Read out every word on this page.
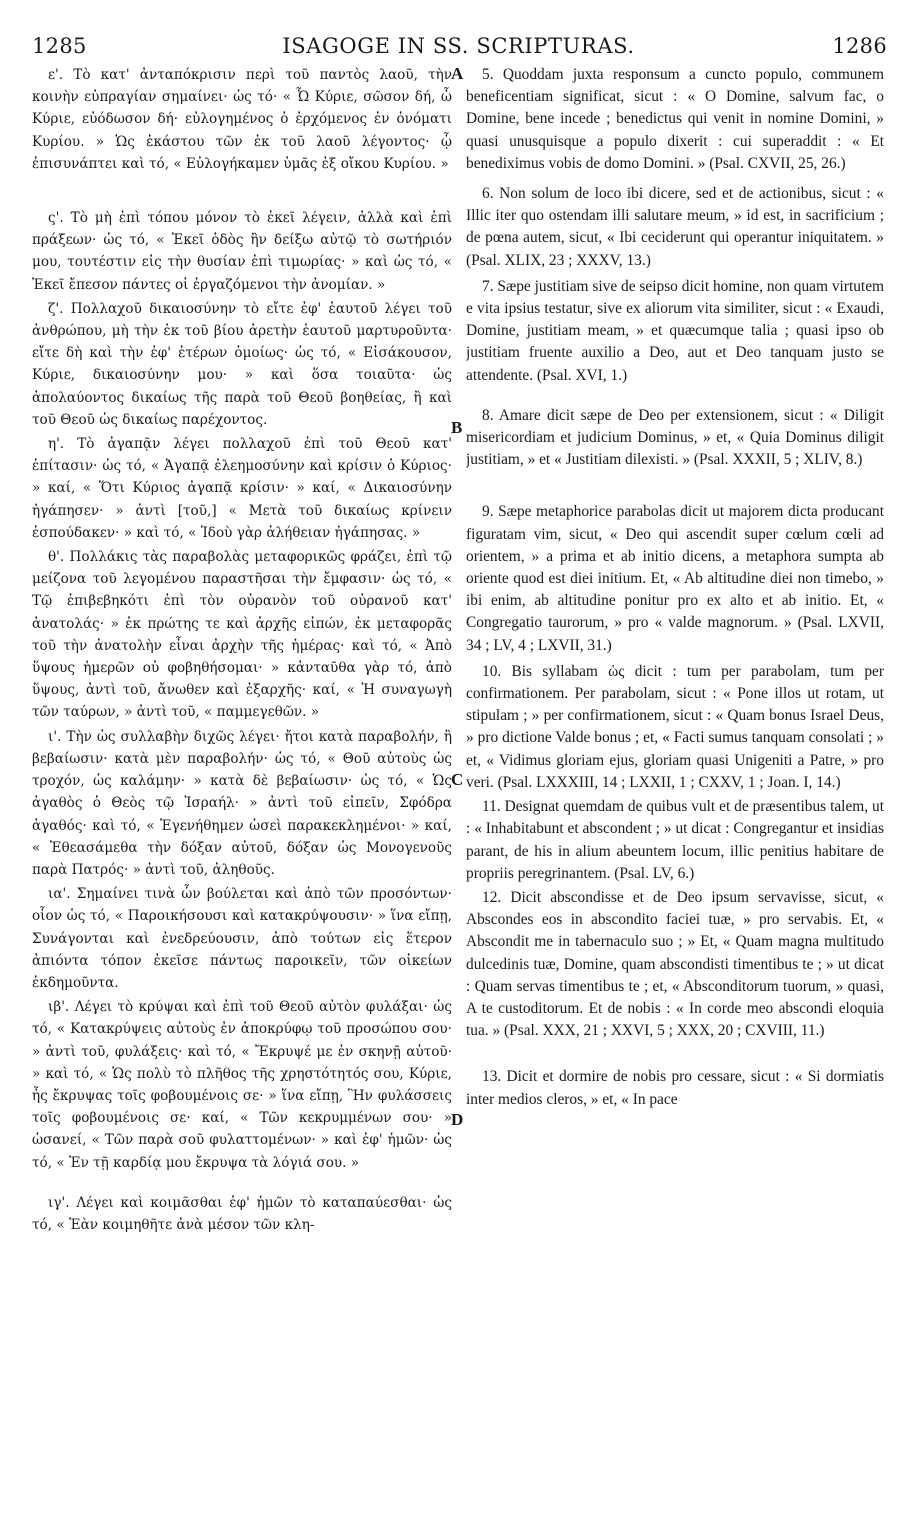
1285	ISAGOGE IN SS. SCRIPTURAS.	1286
A
B
C
D

ε'. Τὸ κατ' ἀνταπόκρισιν περὶ τοῦ παντὸς λαοῦ, τὴν κοινὴν εὐπραγίαν σημαίνει· ὡς τό· « Ὦ Κύριε, σῶσον δή, ὦ Κύριε, εὐόδωσον δή· εὐλογημένος ὁ ἐρχόμενος ἐν ὀνόματι Κυρίου. » Ὡς ἑκάστου τῶν ἐκ τοῦ λαοῦ λέγοντος· ᾧ ἐπισυνάπτει καὶ τό, « Εὐλογήκαμεν ὑμᾶς ἐξ οἴκου Κυρίου. »

ς'. Τὸ μὴ ἐπὶ τόπου μόνον τὸ ἐκεῖ λέγειν, ἀλλὰ καὶ ἐπὶ πράξεων· ὡς τό, « Ἐκεῖ ὁδὸς ἣν δείξω αὐτῷ τὸ σωτήριόν μου, τουτέστιν εἰς τὴν θυσίαν ἐπὶ τιμωρίας· » καὶ ὡς τό, « Ἐκεῖ ἔπεσον πάντες οἱ ἐργαζόμενοι τὴν ἀνομίαν. »

ζ'. Πολλαχοῦ δικαιοσύνην τὸ εἴτε ἐφ' ἑαυτοῦ λέγει τοῦ ἀνθρώπου, μὴ τὴν ἐκ τοῦ βίου ἀρετὴν ἑαυτοῦ μαρτυροῦντα· εἴτε δὴ καὶ τὴν ἐφ' ἑτέρων ὁμοίως· ὡς τό, « Εἰσάκουσον, Κύριε, δικαιοσύνην μου· » καὶ ὅσα τοιαῦτα· ὡς ἀπολαύοντος δικαίως τῆς παρὰ τοῦ Θεοῦ βοηθείας, ἢ καὶ τοῦ Θεοῦ ὡς δικαίως παρέχοντος.

η'. Τὸ ἀγαπᾷν λέγει πολλαχοῦ ἐπὶ τοῦ Θεοῦ κατ' ἐπίτασιν· ὡς τό, « Ἀγαπᾷ ἐλεημοσύνην καὶ κρίσιν ὁ Κύριος· » καί, « Ὅτι Κύριος ἀγαπᾷ κρίσιν· » καί, « Δικαιοσύνην ἠγάπησεν· » ἀντὶ [τοῦ,] « Μετὰ τοῦ δικαίως κρίνειν ἐσπούδακεν· » καὶ τό, « Ἰδοὺ γὰρ ἀλήθειαν ἠγάπησας. »

θ'. Πολλάκις τὰς παραβολὰς μεταφορικῶς φράζει, ἐπὶ τῷ μείζονα τοῦ λεγομένου παραστῆσαι τὴν ἔμφασιν· ὡς τό, « Τῷ ἐπιβεβηκότι ἐπὶ τὸν οὐρανὸν τοῦ οὐρανοῦ κατ' ἀνατολάς· » ἐκ πρώτης τε καὶ ἀρχῆς εἰπών, ἐκ μεταφορᾶς τοῦ τὴν ἀνατολὴν εἶναι ἀρχὴν τῆς ἡμέρας· καὶ τό, « Ἀπὸ ὕψους ἡμερῶν οὐ φοβηθήσομαι· » κἀνταῦθα γὰρ τό, ἀπὸ ὕψους, ἀντὶ τοῦ, ἄνωθεν καὶ ἐξαρχῆς· καί, « Ἡ συναγωγὴ τῶν ταύρων, » ἀντὶ τοῦ, « παμμεγεθῶν. »

ι'. Τὴν ὡς συλλαβὴν διχῶς λέγει· ἤτοι κατὰ παραβολήν, ἢ βεβαίωσιν· κατὰ μὲν παραβολήν· ὡς τό, « Θοῦ αὐτοὺς ὡς τροχόν, ὡς καλάμην· » κατὰ δὲ βεβαίωσιν· ὡς τό, « Ὡς ἀγαθὸς ὁ Θεὸς τῷ Ἰσραήλ· » ἀντὶ τοῦ εἰπεῖν, Σφόδρα ἀγαθός· καὶ τό, « Ἐγενήθημεν ὡσεὶ παρακεκλημένοι· » καί, « Ἐθεασάμεθα τὴν δόξαν αὐτοῦ, δόξαν ὡς Μονογενοῦς παρὰ Πατρός· » ἀντὶ τοῦ, ἀληθοῦς.

ια'. Σημαίνει τινὰ ὧν βούλεται καὶ ἀπὸ τῶν προσόντων· οἷον ὡς τό, « Παροικήσουσι καὶ κατακρύψουσιν· » ἵνα εἴπῃ, Συνάγονται καὶ ἐνεδρεύουσιν, ἀπὸ τούτων εἰς ἕτερον ἀπιόντα τόπον ἐκεῖσε πάντως παροικεῖν, τῶν οἰκείων ἐκδημοῦντα.

ιβ'. Λέγει τὸ κρύψαι καὶ ἐπὶ τοῦ Θεοῦ αὐτὸν φυλάξαι· ὡς τό, « Κατακρύψεις αὐτοὺς ἐν ἀποκρύφῳ τοῦ προσώπου σου· » ἀντὶ τοῦ, φυλάξεις· καὶ τό, « Ἔκρυψέ με ἐν σκηνῇ αὐτοῦ· » καὶ τό, « Ὡς πολὺ τὸ πλῆθος τῆς χρηστότητός σου, Κύριε, ἧς ἔκρυψας τοῖς φοβουμένοις σε· » ἵνα εἴπῃ, Ἣν φυλάσσεις τοῖς φοβουμένοις σε· καί, « Τῶν κεκρυμμένων σου· » ὡσανεί, « Τῶν παρὰ σοῦ φυλαττομένων· » καὶ ἐφ' ἡμῶν· ὡς τό, « Ἐν τῇ καρδίᾳ μου ἔκρυψα τὰ λόγιά σου. »

ιγ'. Λέγει καὶ κοιμᾶσθαι ἐφ' ἡμῶν τὸ καταπαύεσθαι· ὡς τό, « Ἐὰν κοιμηθῆτε ἀνὰ μέσον τῶν κλη-

5. Quoddam juxta responsum a cuncto populo, communem beneficentiam significat, sicut : « O Domine, salvum fac, o Domine, bene incede ; benedictus qui venit in nomine Domini, » quasi unusquisque a populo dixerit : cui superaddit : « Et benediximus vobis de domo Domini. » (Psal. CXVII, 25, 26.)

6. Non solum de loco ibi dicere, sed et de actionibus, sicut : « Illic iter quo ostendam illi salutare meum, » id est, in sacrificium ; de pœna autem, sicut, « Ibi ceciderunt qui operantur iniquitatem. » (Psal. XLIX, 23 ; XXXV, 13.)

7. Sæpe justitiam sive de seipso dicit homine, non quam virtutem e vita ipsius testatur, sive ex aliorum vita similiter, sicut : « Exaudi, Domine, justitiam meam, » et quæcumque talia ; quasi ipso ob justitiam fruente auxilio a Deo, aut et Deo tanquam justo se attendente. (Psal. XVI, 1.)

8. Amare dicit sæpe de Deo per extensionem, sicut : « Diligit misericordiam et judicium Dominus, » et, « Quia Dominus diligit justitiam, » et « Justitiam dilexisti. » (Psal. XXXII, 5 ; XLIV, 8.)

9. Sæpe metaphorice parabolas dicit ut majorem dicta producant figuratam vim, sicut, « Deo qui ascendit super cœlum cœli ad orientem, » a prima et ab initio dicens, a metaphora sumpta ab oriente quod est diei initium. Et, « Ab altitudine diei non timebo, » ibi enim, ab altitudine ponitur pro ex alto et ab initio. Et, « Congregatio taurorum, » pro « valde magnorum. » (Psal. LXVII, 34 ; LV, 4 ; LXVII, 31.)

10. Bis syllabam ὡς dicit : tum per parabolam, tum per confirmationem. Per parabolam, sicut : « Pone illos ut rotam, ut stipulam ; » per confirmationem, sicut : « Quam bonus Israel Deus, » pro dictione Valde bonus ; et, « Facti sumus tanquam consolati ; » et, « Vidimus gloriam ejus, gloriam quasi Unigeniti a Patre, » pro veri. (Psal. LXXXIII, 14 ; LXXII, 1 ; CXXV, 1 ; Joan. I, 14.)

11. Designat quemdam de quibus vult et de præsentibus talem, ut : « Inhabitabunt et abscondent ; » ut dicat : Congregantur et insidias parant, de his in alium abeuntem locum, illic penitius habitare de propriis peregrinantem. (Psal. LV, 6.)

12. Dicit abscondisse et de Deo ipsum servavisse, sicut, « Abscondes eos in abscondito faciei tuæ, » pro servabis. Et, « Abscondit me in tabernaculo suo ; » Et, « Quam magna multitudo dulcedinis tuæ, Domine, quam abscondisti timentibus te ; » ut dicat : Quam servas timentibus te ; et, « Absconditorum tuorum, » quasi, A te custoditorum. Et de nobis : « In corde meo abscondi eloquia tua. » (Psal. XXX, 21 ; XXVI, 5 ; XXX, 20 ; CXVIII, 11.)

13. Dicit et dormire de nobis pro cessare, sicut : « Si dormiatis inter medios cleros, » et, « In pace
